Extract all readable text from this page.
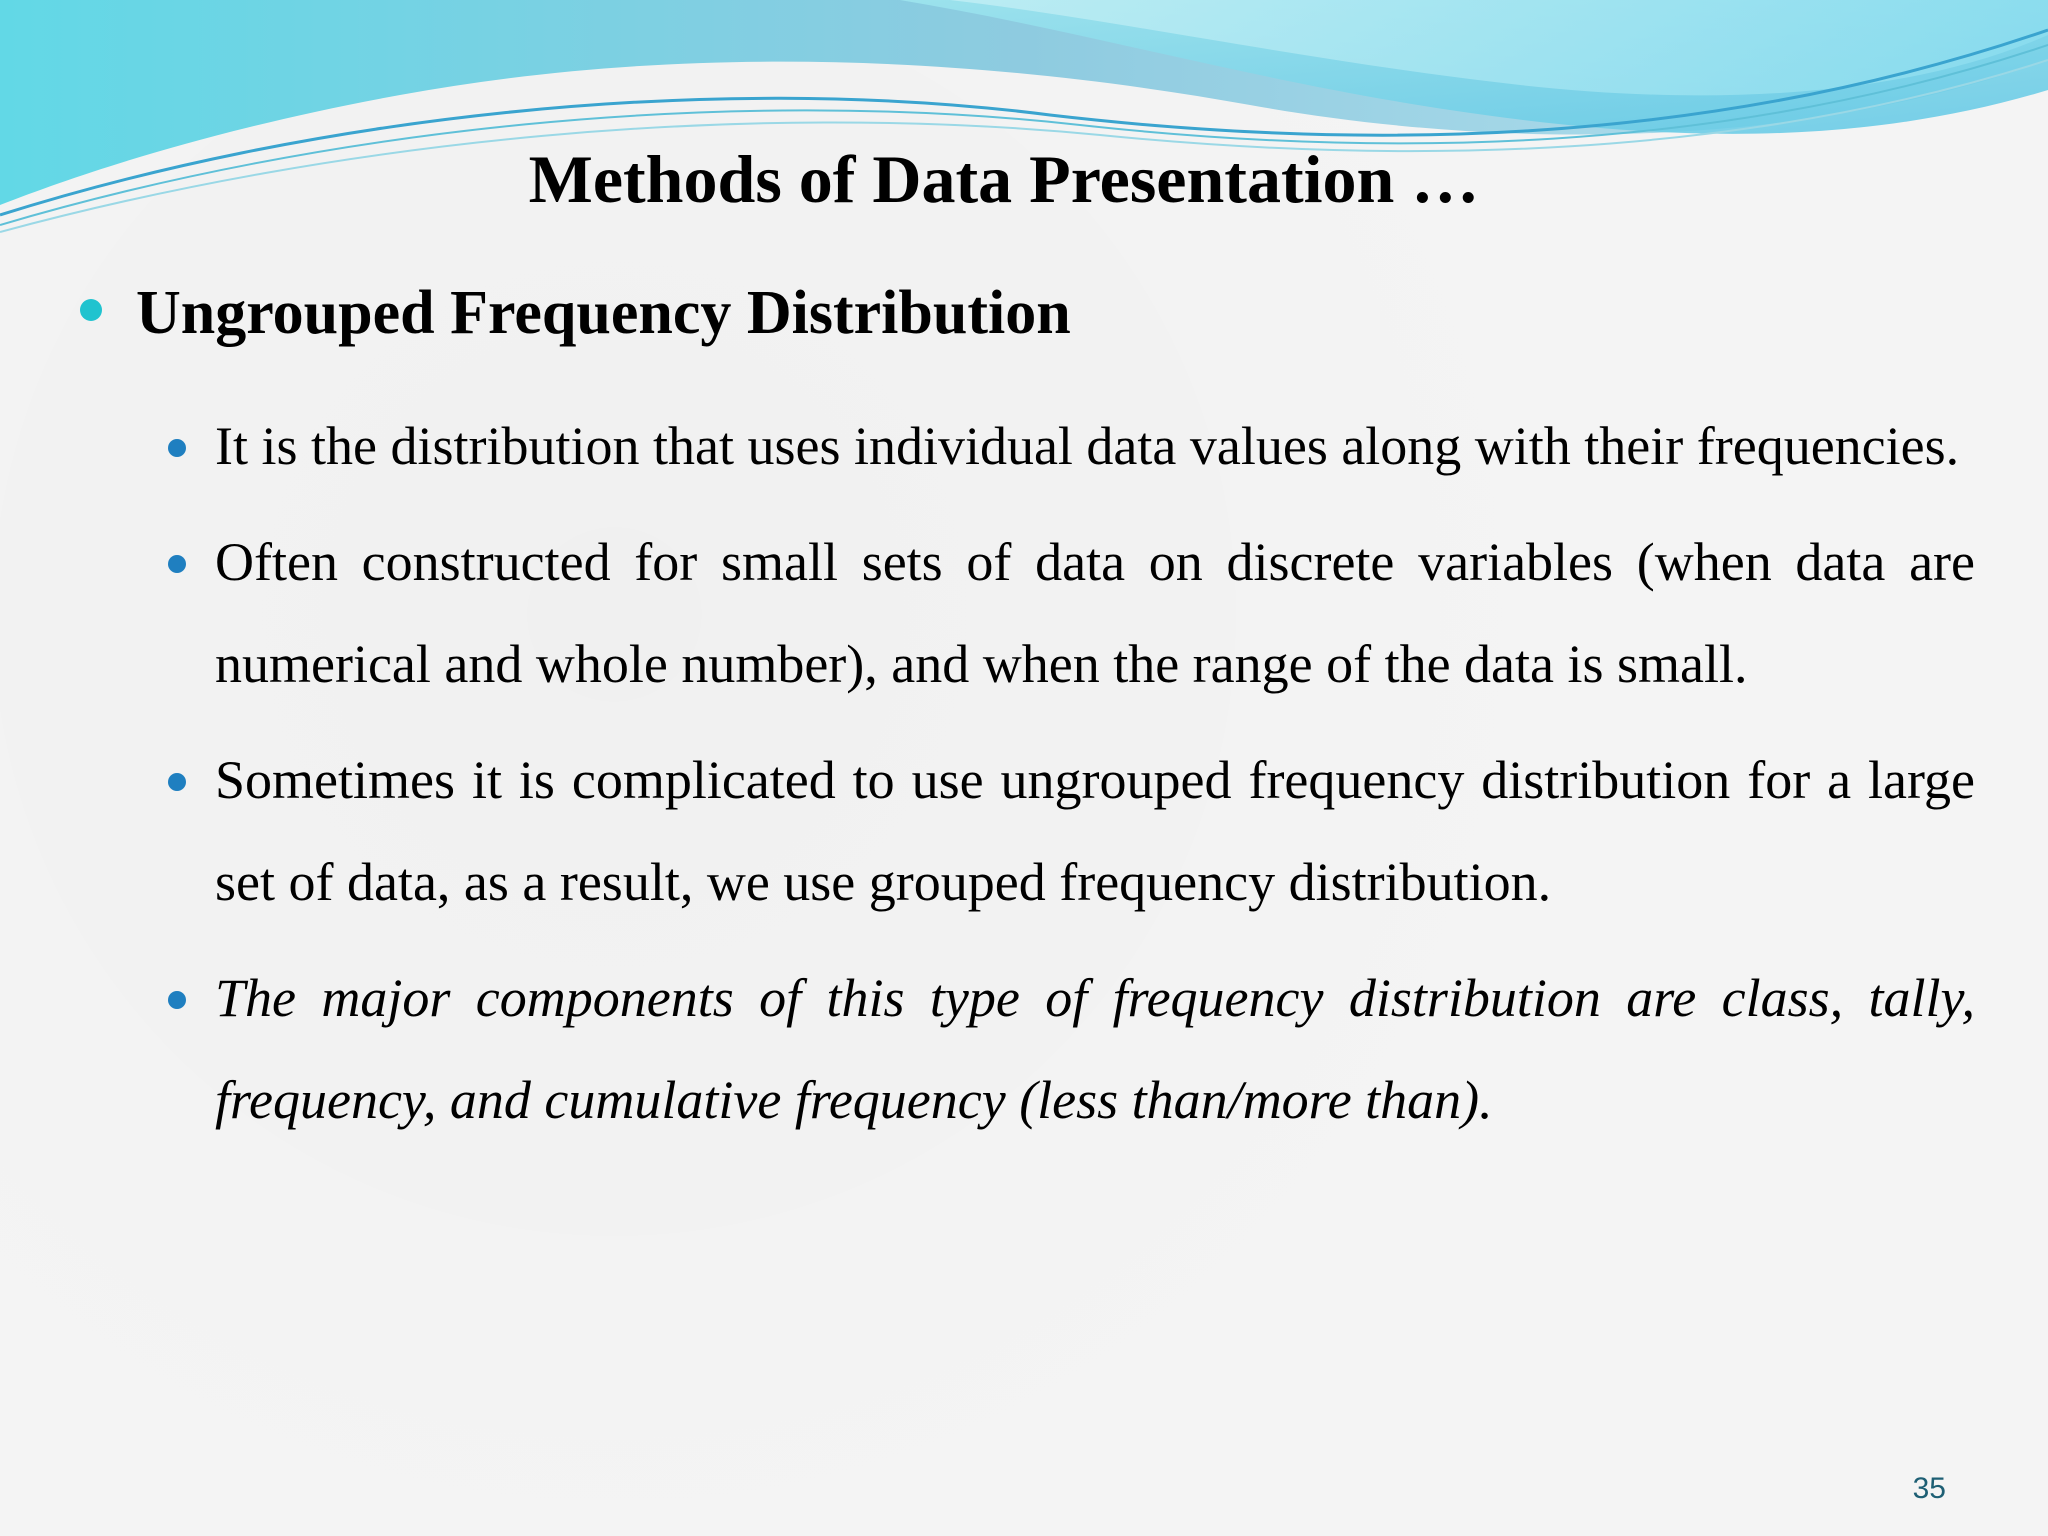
Methods of Data Presentation …
Ungrouped Frequency Distribution
It is the distribution that uses individual data values along with their frequencies.
Often constructed for small sets of data on discrete variables (when data are numerical and whole number), and when the range of the data is small.
Sometimes it is complicated to use ungrouped frequency distribution for a large set of data, as a result, we use grouped frequency distribution.
The major components of this type of frequency distribution are class, tally, frequency, and cumulative frequency (less than/more than).
35
